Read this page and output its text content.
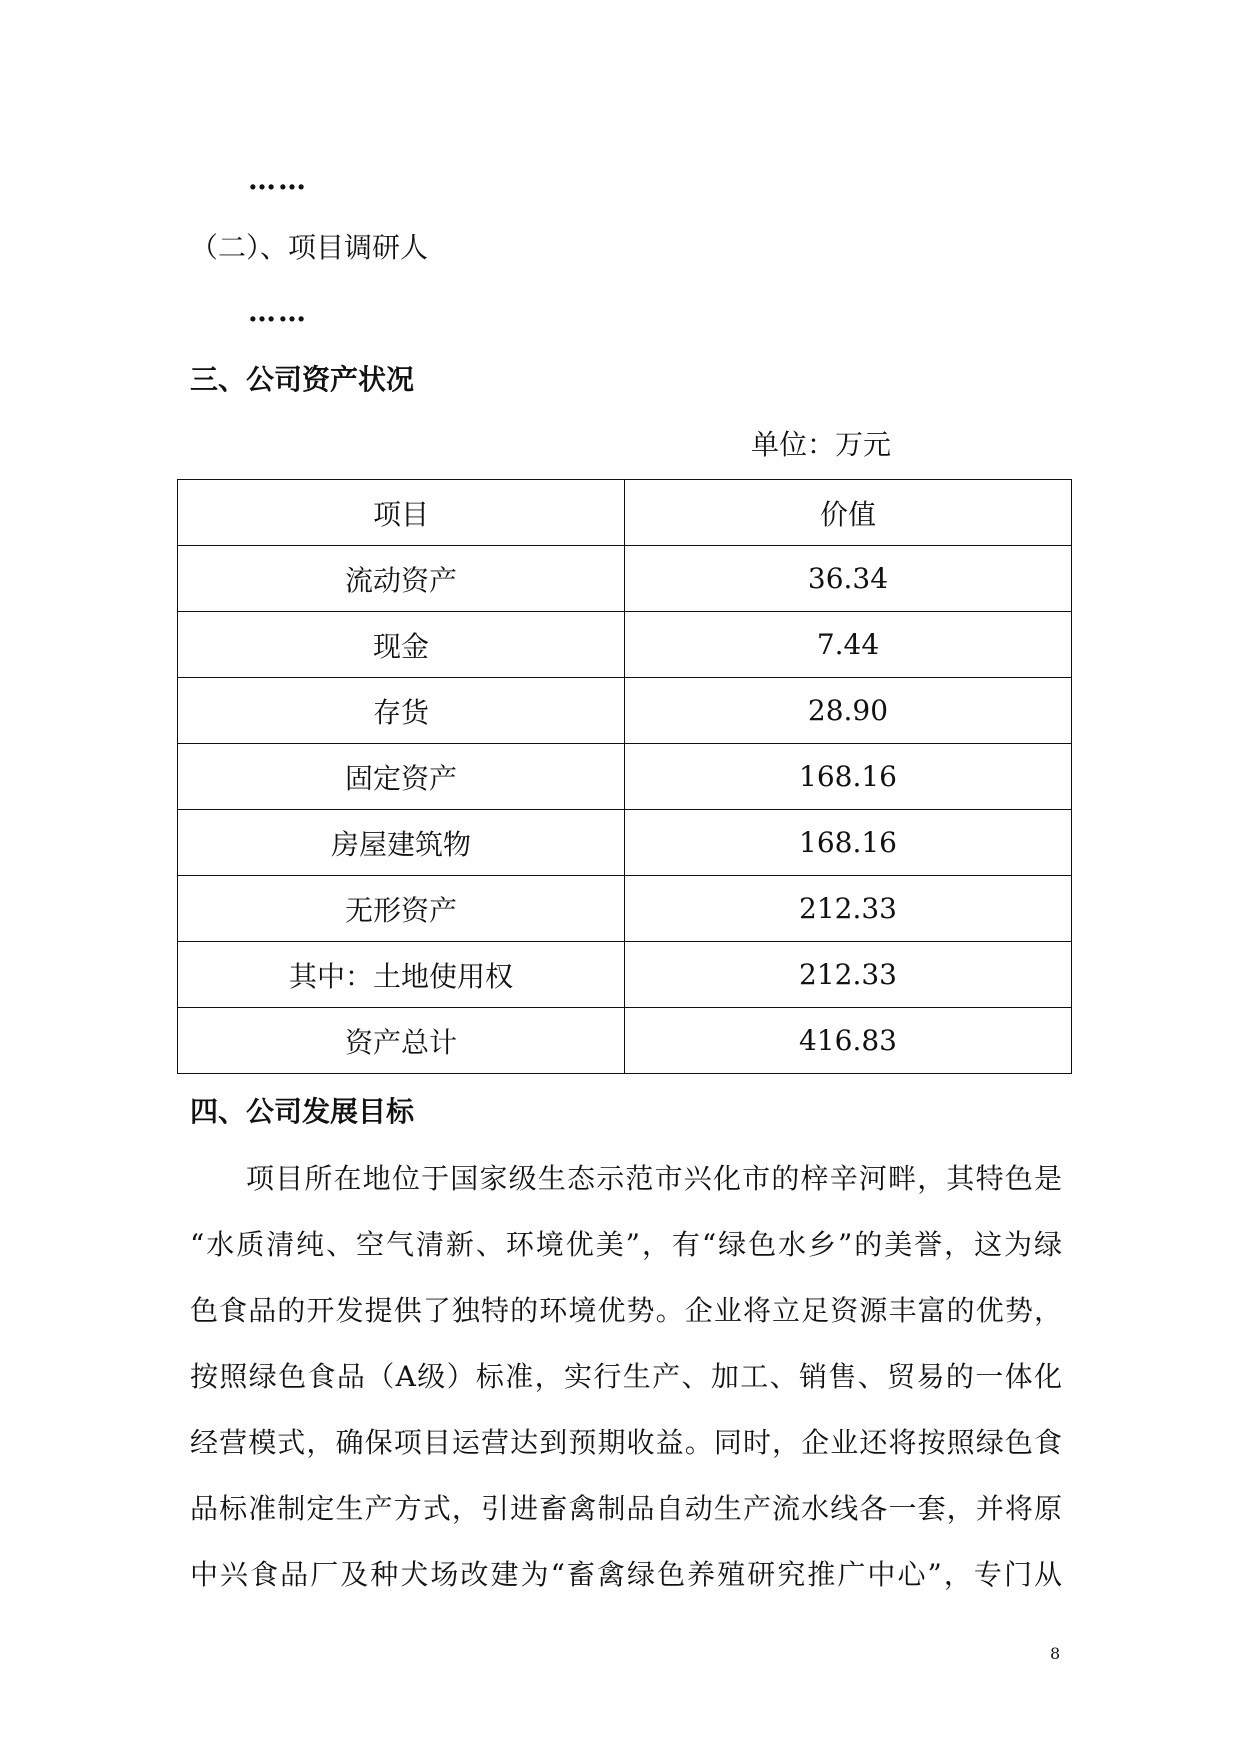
……
（二）、项目调研人
……
三、公司资产状况
单位：万元
项目	价值
流动资产	36.34
现金	7.44
存货	28.90
固定资产	168.16
房屋建筑物	168.16
无形资产	212.33
其中：土地使用权	212.33
资产总计	416.83
四、公司发展目标
项目所在地位于国家级生态示范市兴化市的梓辛河畔，其特色是
“水质清纯、空气清新、环境优美”，有“绿色水乡”的美誉，这为绿
色食品的开发提供了独特的环境优势。企业将立足资源丰富的优势，
按照绿色食品（A级）标准，实行生产、加工、销售、贸易的一体化
经营模式，确保项目运营达到预期收益。同时，企业还将按照绿色食
品标准制定生产方式，引进畜禽制品自动生产流水线各一套，并将原
中兴食品厂及种犬场改建为“畜禽绿色养殖研究推广中心”，专门从
8
